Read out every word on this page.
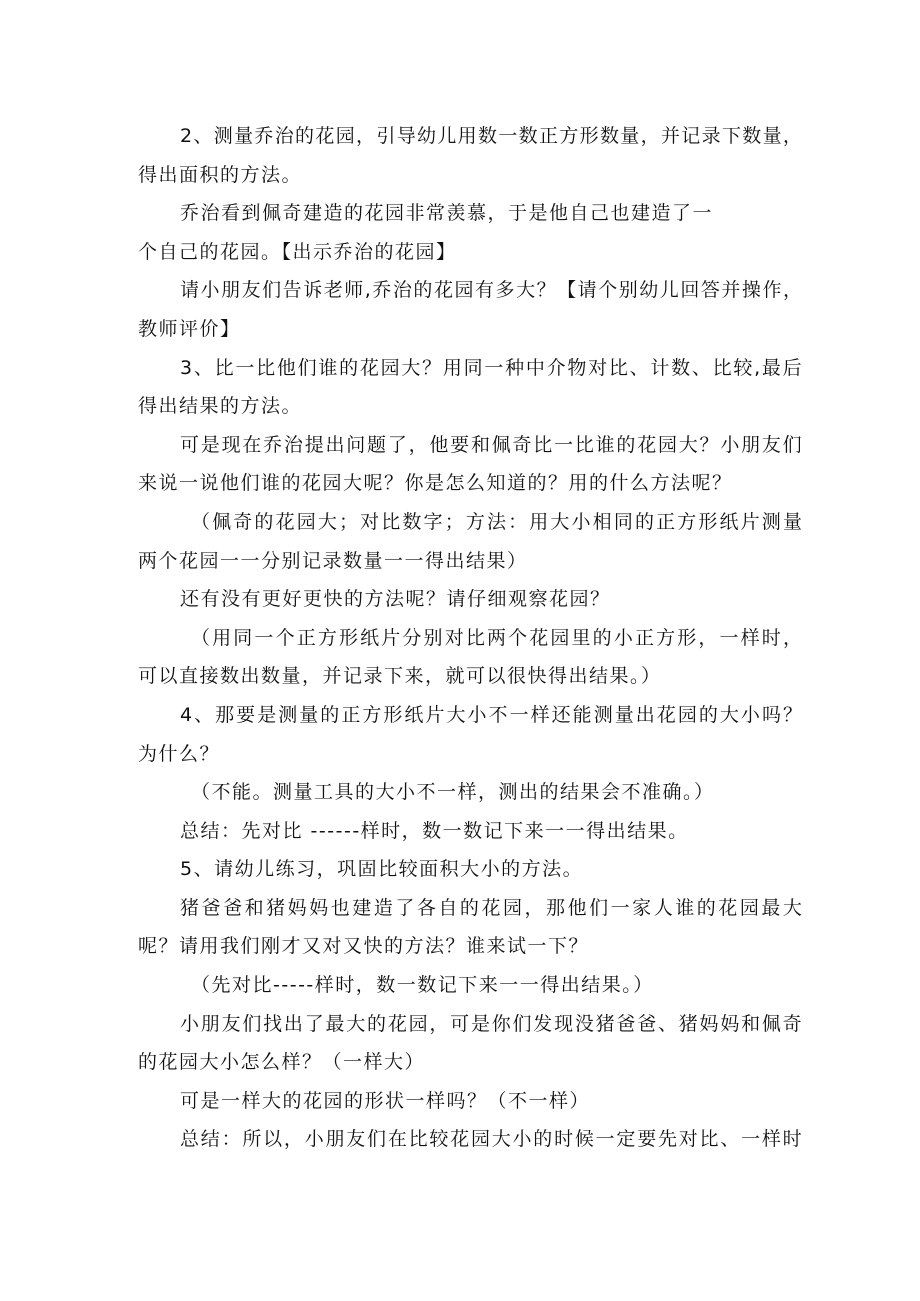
2 、 测 量 乔 治 的 花 园 ， 引 导 幼 儿 用 数 一 数 正 方 形 数 量 ， 并 记 录 下 数 量 ，
得出面积的方法。
乔治看到佩奇建造的花园非常羡慕，于是他自己也建造了一
个自己的花园。【出示乔治的花园】
请 小 朋 友 们 告 诉 老 师 , 乔 治 的 花 园 有 多 大 ？ 【 请 个 别 幼 儿 回 答 并 操 作 ，
教师评价】
3 、 比 一 比 他 们 谁 的 花 园 大 ？ 用 同 一 种 中 介 物 对 比 、 计 数 、 比 较 , 最 后
得出结果的方法。
可 是 现 在 乔 治 提 出 问 题 了 ， 他 要 和 佩 奇 比 一 比 谁 的 花 园 大 ？ 小 朋 友 们
来说一说他们谁的花园大呢？你是怎么知道的？用的什么方法呢？
（ 佩 奇 的 花 园 大 ； 对 比 数 字 ； 方 法 ： 用 大 小 相 同 的 正 方 形 纸 片 测 量
两个花园一一分别记录数量一一得出结果）
还有没有更好更快的方法呢？请仔细观察花园？
（ 用 同 一 个 正 方 形 纸 片 分 别 对 比 两 个 花 园 里 的 小 正 方 形 ， 一 样 时 ，
可以直接数出数量，并记录下来，就可以很快得出结果。）
4 、 那 要 是 测 量 的 正 方 形 纸 片 大 小 不 一 样 还 能 测 量 出 花 园 的 大 小 吗 ？
为什么？
（不能。测量工具的大小不一样，测出的结果会不准确。）
总结：先对比 ------样时，数一数记下来一一得出结果。
5、请幼儿练习，巩固比较面积大小的方法。
猪 爸 爸 和 猪 妈 妈 也 建 造 了 各 自 的 花 园 ， 那 他 们 一 家 人 谁 的 花 园 最 大
呢？请用我们刚才又对又快的方法？谁来试一下？
（先对比-----样时，数一数记下来一一得出结果。）
小 朋 友 们 找 出 了 最 大 的 花 园 ， 可 是 你 们 发 现 没 猪 爸 爸 、 猪 妈 妈 和 佩 奇
的花园大小怎么样？（一样大）
可是一样大的花园的形状一样吗？（不一样）
总 结 ： 所 以 ， 小 朋 友 们 在 比 较 花 园 大 小 的 时 候 一 定 要 先 对 比 、 一 样 时
